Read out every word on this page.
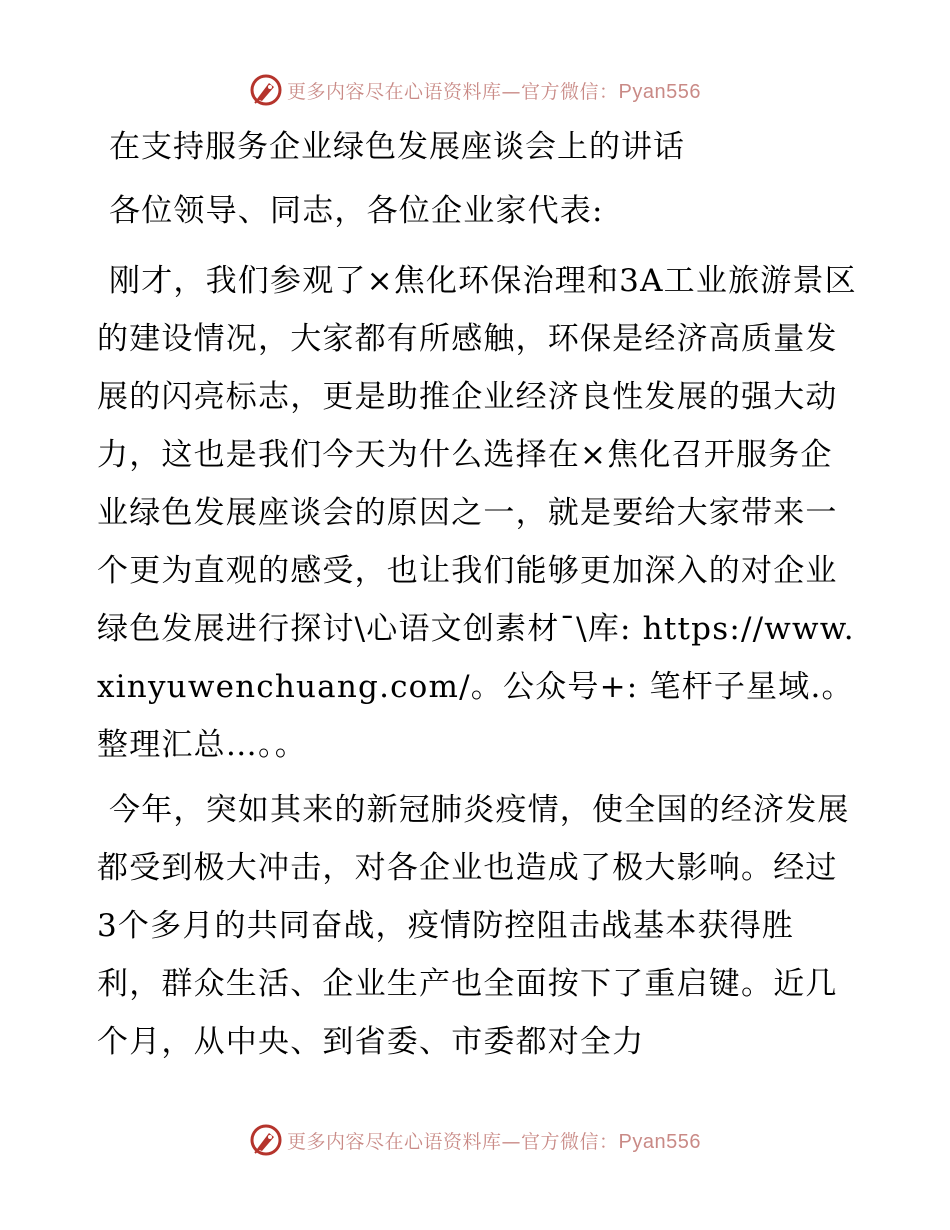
更多内容尽在心语资料库—官方微信：Pyan556
在支持服务企业绿色发展座谈会上的讲话

各位领导、同志，各位企业家代表:

刚才，我们参观了×焦化环保治理和3A工业旅游景区的建设情况，大家都有所感触，环保是经济高质量发展的闪亮标志，更是助推企业经济良性发展的强大动力，这也是我们今天为什么选择在×焦化召开服务企业绿色发展座谈会的原因之一，就是要给大家带来一个更为直观的感受，也让我们能够更加深入的对企业绿色发展进行探讨\心语文创素材¯\库: https://www.xinyuwenchuang.com/。公众号+: 笔杆子星域.。整理汇总…。。

今年，突如其来的新冠肺炎疫情，使全国的经济发展都受到极大冲击，对各企业也造成了极大影响。经过3个多月的共同奋战，疫情防控阻击战基本获得胜利，群众生活、企业生产也全面按下了重启键。近几个月，从中央、到省委、市委都对全力

更多内容尽在心语资料库—官方微信：Pyan556
